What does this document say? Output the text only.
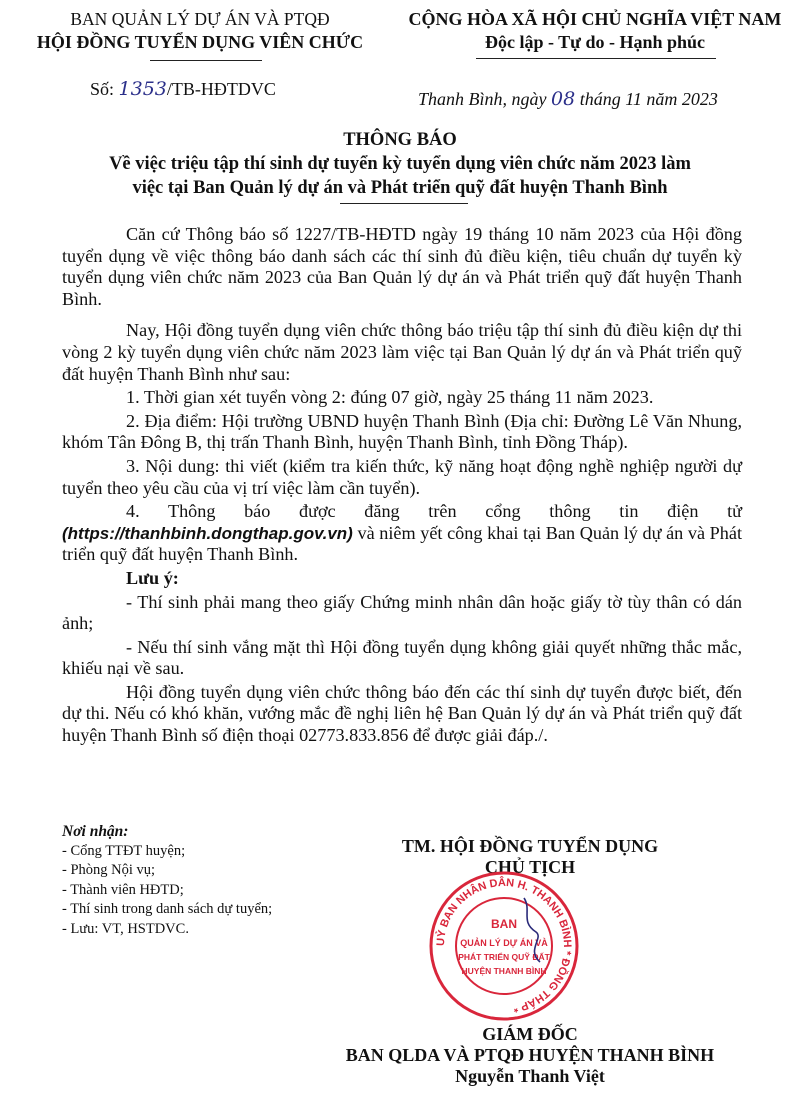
BAN QUẢN LÝ DỰ ÁN VÀ PTQĐ
HỘI ĐỒNG TUYỂN DỤNG VIÊN CHỨC
Số: 1353/TB-HĐTDVC
CỘNG HÒA XÃ HỘI CHỦ NGHĨA VIỆT NAM
Độc lập - Tự do - Hạnh phúc
Thanh Bình, ngày 08 tháng 11 năm 2023
THÔNG BÁO
Về việc triệu tập thí sinh dự tuyển kỳ tuyển dụng viên chức năm 2023 làm
việc tại Ban Quản lý dự án và Phát triển quỹ đất huyện Thanh Bình

Căn cứ Thông báo số 1227/TB-HĐTD ngày 19 tháng 10 năm 2023 của Hội đồng tuyển dụng về việc thông báo danh sách các thí sinh đủ điều kiện, tiêu chuẩn dự tuyển kỳ tuyển dụng viên chức năm 2023 của Ban Quản lý dự án và Phát triển quỹ đất huyện Thanh Bình.

Nay, Hội đồng tuyển dụng viên chức thông báo triệu tập thí sinh đủ điều kiện dự thi vòng 2 kỳ tuyển dụng viên chức năm 2023 làm việc tại Ban Quản lý dự án và Phát triển quỹ đất huyện Thanh Bình như sau:

1. Thời gian xét tuyển vòng 2: đúng 07 giờ, ngày 25 tháng 11 năm 2023.

2. Địa điểm: Hội trường UBND huyện Thanh Bình (Địa chỉ: Đường Lê Văn Nhung, khóm Tân Đông B, thị trấn Thanh Bình, huyện Thanh Bình, tỉnh Đồng Tháp).

3. Nội dung: thi viết (kiểm tra kiến thức, kỹ năng hoạt động nghề nghiệp người dự tuyển theo yêu cầu của vị trí việc làm cần tuyển).

4. Thông báo được đăng trên cổng thông tin điện tử (https://thanhbinh.dongthap.gov.vn) và niêm yết công khai tại Ban Quản lý dự án và Phát triển quỹ đất huyện Thanh Bình.

Lưu ý:

- Thí sinh phải mang theo giấy Chứng minh nhân dân hoặc giấy tờ tùy thân có dán ảnh;

- Nếu thí sinh vắng mặt thì Hội đồng tuyển dụng không giải quyết những thắc mắc, khiếu nại về sau.

Hội đồng tuyển dụng viên chức thông báo đến các thí sinh dự tuyển được biết, đến dự thi. Nếu có khó khăn, vướng mắc đề nghị liên hệ Ban Quản lý dự án và Phát triển quỹ đất huyện Thanh Bình số điện thoại 02773.833.856 để được giải đáp./.

Nơi nhận:
- Cổng TTĐT huyện;
- Phòng Nội vụ;
- Thành viên HĐTD;
- Thí sinh trong danh sách dự tuyển;
- Lưu: VT, HSTDVC.
TM. HỘI ĐỒNG TUYỂN DỤNG
CHỦ TỊCH
UỶ BAN NHÂN DÂN H. THANH BÌNH * ĐỒNG THÁP *
BAN
QUẢN LÝ DỰ ÁN VÀ
PHÁT TRIỂN QUỸ ĐẤT
HUYỆN THANH BÌNH
GIÁM ĐỐC
BAN QLDA VÀ PTQĐ HUYỆN THANH BÌNH
Nguyễn Thanh Việt
